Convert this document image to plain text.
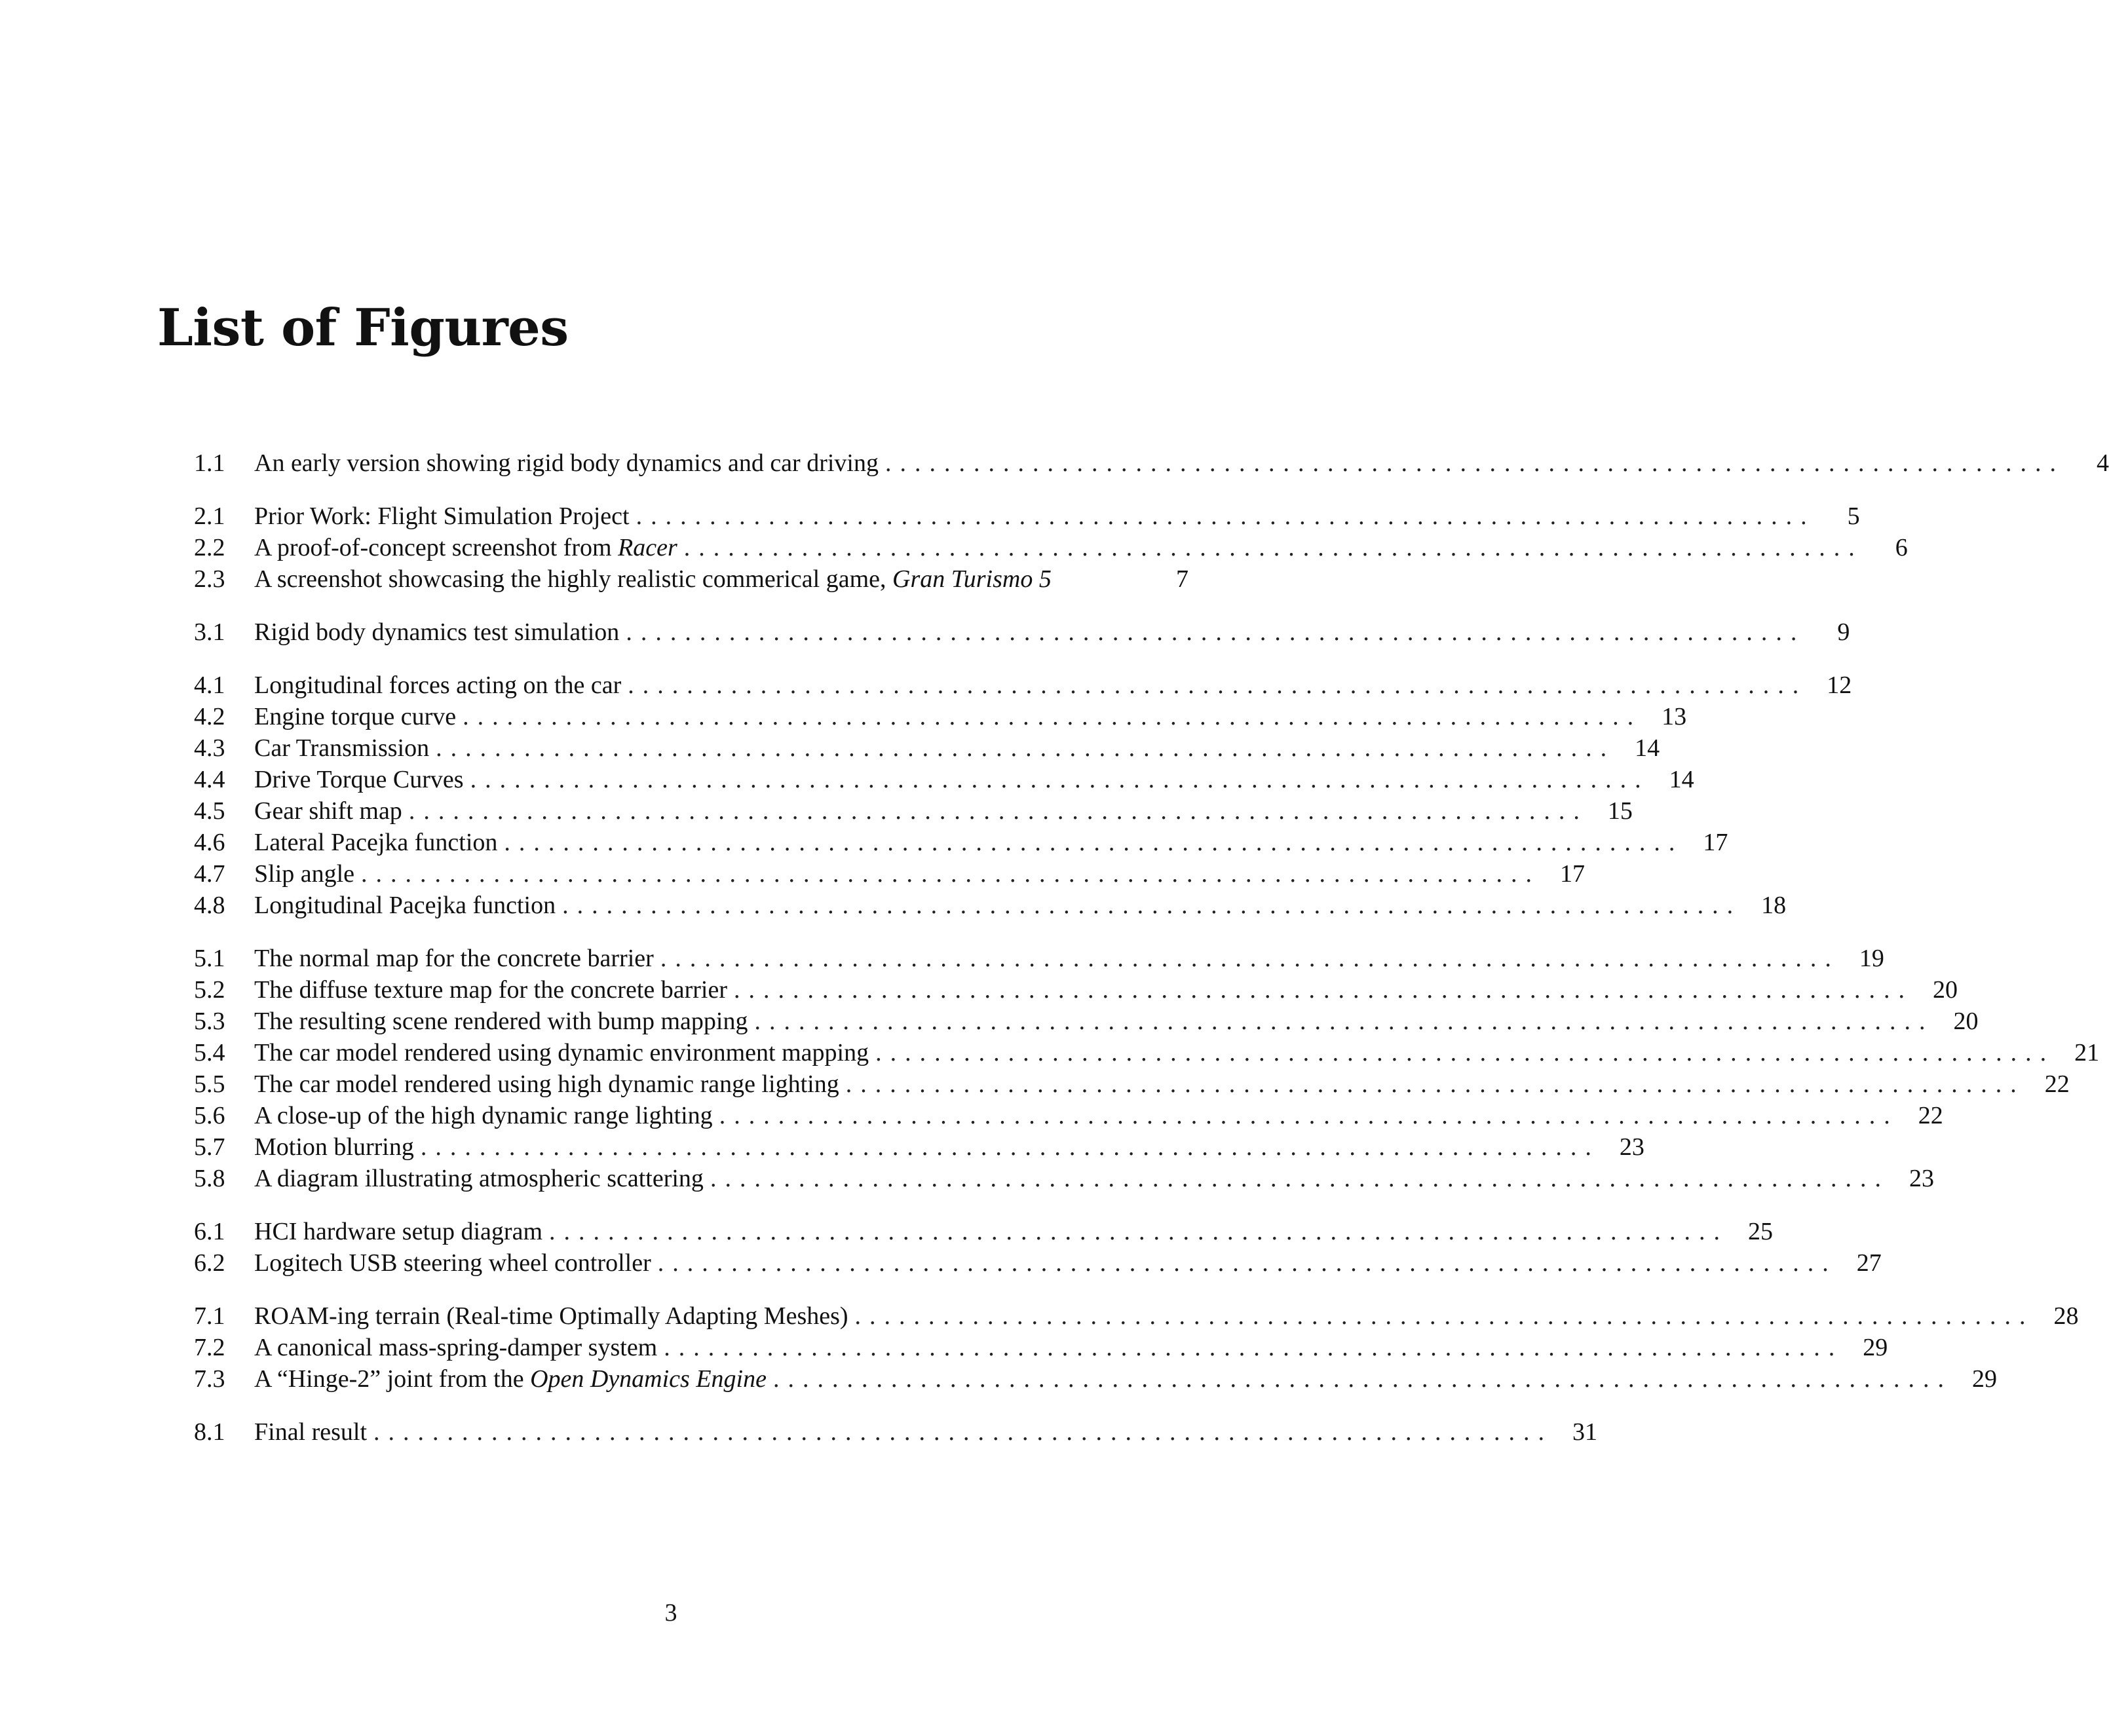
List of Figures
1.1	An early version showing rigid body dynamics and car driving ................................................................................	4
2.1	Prior Work: Flight Simulation Project ................................................................................	5
2.2	A proof-of-concept screenshot from Racer ................................................................................	6
2.3	A screenshot showcasing the highly realistic commerical game, Gran Turismo 5	7
3.1	Rigid body dynamics test simulation ................................................................................	9
4.1	Longitudinal forces acting on the car ................................................................................ 12
4.2	Engine torque curve ................................................................................ 13
4.3	Car Transmission ................................................................................ 14
4.4	Drive Torque Curves ................................................................................ 14
4.5	Gear shift map ................................................................................ 15
4.6	Lateral Pacejka function ................................................................................ 17
4.7	Slip angle ................................................................................ 17
4.8	Longitudinal Pacejka function ................................................................................ 18
5.1	The normal map for the concrete barrier ................................................................................ 19
5.2	The diffuse texture map for the concrete barrier ................................................................................ 20
5.3	The resulting scene rendered with bump mapping ................................................................................ 20
5.4	The car model rendered using dynamic environment mapping ................................................................................ 21
5.5	The car model rendered using high dynamic range lighting ................................................................................ 22
5.6	A close-up of the high dynamic range lighting ................................................................................ 22
5.7	Motion blurring ................................................................................ 23
5.8	A diagram illustrating atmospheric scattering ................................................................................ 23
6.1	HCI hardware setup diagram ................................................................................ 25
6.2	Logitech USB steering wheel controller ................................................................................ 27
7.1	ROAM-ing terrain (Real-time Optimally Adapting Meshes) ................................................................................ 28
7.2	A canonical mass-spring-damper system ................................................................................ 29
7.3	A “Hinge-2” joint from the Open Dynamics Engine ................................................................................ 29
8.1	Final result ................................................................................ 31
3
